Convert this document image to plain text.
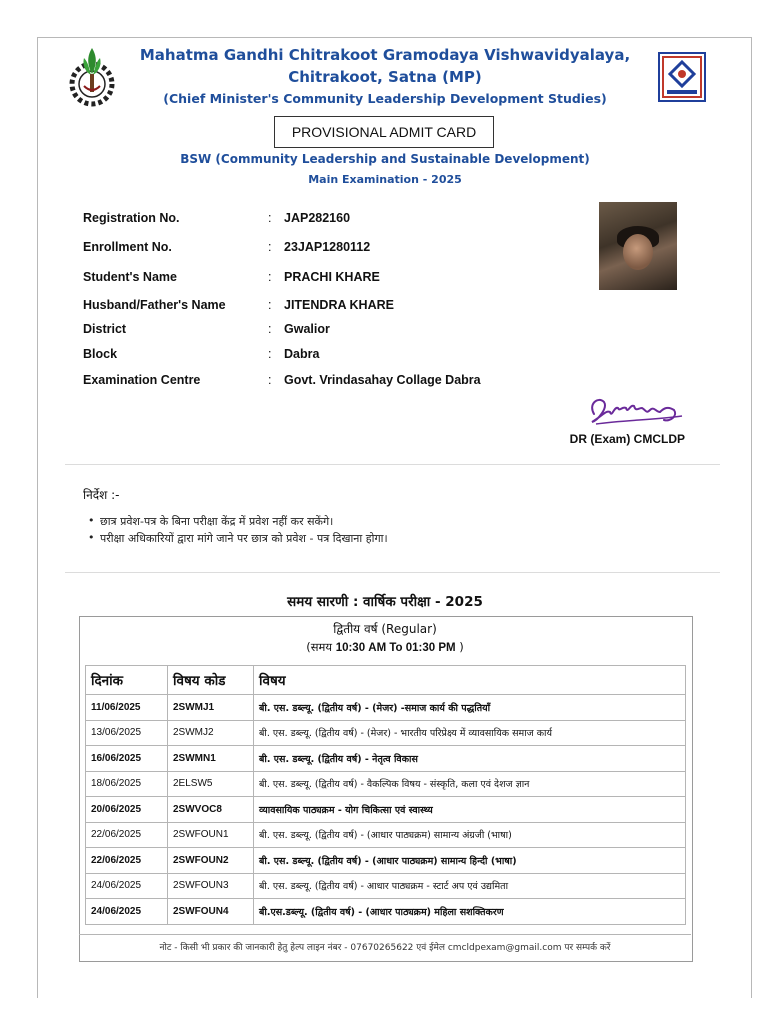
Mahatma Gandhi Chitrakoot Gramodaya Vishwavidyalaya,
Chitrakoot, Satna (MP)
(Chief Minister's Community Leadership Development Studies)
PROVISIONAL ADMIT CARD
BSW (Community Leadership and Sustainable Development)
Main Examination - 2025
Registration No.	: JAP282160
Enrollment No.	: 23JAP1280112
Student's Name	: PRACHI KHARE
Husband/Father's Name	: JITENDRA KHARE
District	: Gwalior
Block	: Dabra
Examination Centre	: Govt. Vrindasahay Collage Dabra
DR (Exam) CMCLDP
निर्देश :-
• छात्र प्रवेश-पत्र के बिना परीक्षा केंद्र में प्रवेश नहीं कर सकेंगे।
• परीक्षा अधिकारियों द्वारा मांगे जाने पर छात्र को प्रवेश - पत्र दिखाना होगा।
समय सारणी : वार्षिक परीक्षा - 2025
द्वितीय वर्ष (Regular)
(समय 10:30 AM To 01:30 PM )
दिनांक	विषय कोड	विषय
11/06/2025	2SWMJ1	बी. एस. डब्ल्यू. (द्वितीय वर्ष) - (मेजर) -समाज कार्य की पद्धतियाँ
13/06/2025	2SWMJ2	बी. एस. डब्ल्यू. (द्वितीय वर्ष) - (मेजर) - भारतीय परिप्रेक्ष्य में व्यावसायिक समाज कार्य
16/06/2025	2SWMN1	बी. एस. डब्ल्यू. (द्वितीय वर्ष) - नेतृत्व विकास
18/06/2025	2ELSW5	बी. एस. डब्ल्यू. (द्वितीय वर्ष) - वैकल्पिक विषय - संस्कृति, कला एवं देशज ज्ञान
20/06/2025	2SWVOC8	व्यावसायिक पाठ्यक्रम - योग चिकित्सा एवं स्वास्थ्य
22/06/2025	2SWFOUN1	बी. एस. डब्ल्यू. (द्वितीय वर्ष) - (आधार पाठ्यक्रम) सामान्य अंग्रजी (भाषा)
22/06/2025	2SWFOUN2	बी. एस. डब्ल्यू. (द्वितीय वर्ष) - (आधार पाठ्यक्रम) सामान्य हिन्दी (भाषा)
24/06/2025	2SWFOUN3	बी. एस. डब्ल्यू. (द्वितीय वर्ष) - आधार पाठ्यक्रम - स्टार्ट अप एवं उद्यमिता
24/06/2025	2SWFOUN4	बी.एस.डब्ल्यू. (द्वितीय वर्ष) - (आधार पाठ्यक्रम) महिला सशक्तिकरण
नोट - किसी भी प्रकार की जानकारी हेतु हेल्प लाइन नंबर - 07670265622 एवं ईमेल cmcldpexam@gmail.com पर सम्पर्क करें
